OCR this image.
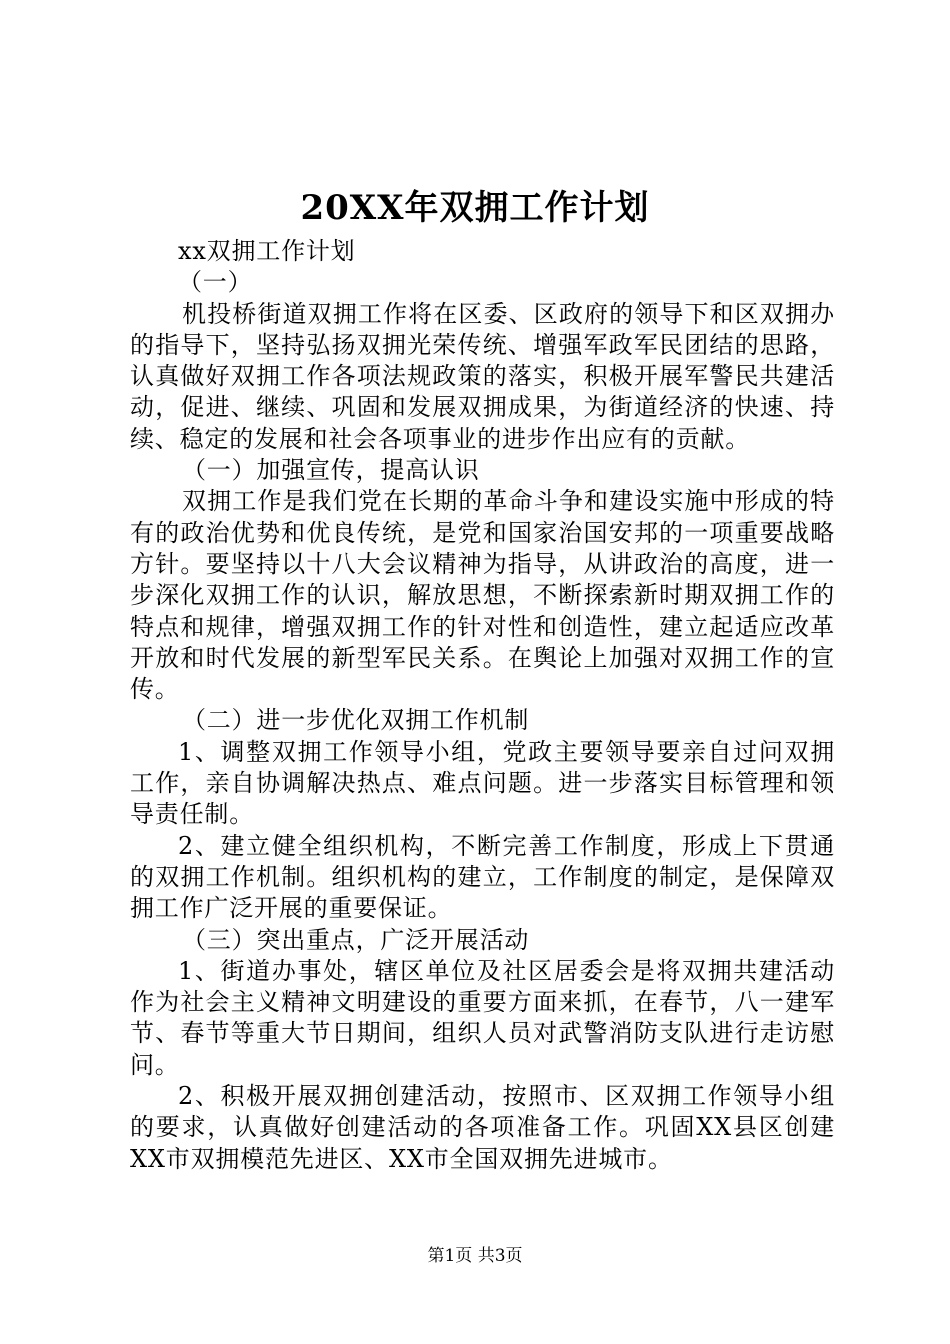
20XX年双拥工作计划

xx双拥工作计划

（一）

机投桥街道双拥工作将在区委、区政府的领导下和区双拥办的指导下，坚持弘扬双拥光荣传统、增强军政军民团结的思路，认真做好双拥工作各项法规政策的落实，积极开展军警民共建活动，促进、继续、巩固和发展双拥成果，为街道经济的快速、持续、稳定的发展和社会各项事业的进步作出应有的贡献。

（一）加强宣传，提高认识

双拥工作是我们党在长期的革命斗争和建设实施中形成的特有的政治优势和优良传统，是党和国家治国安邦的一项重要战略方针。要坚持以十八大会议精神为指导，从讲政治的高度，进一步深化双拥工作的认识，解放思想，不断探索新时期双拥工作的特点和规律，增强双拥工作的针对性和创造性，建立起适应改革开放和时代发展的新型军民关系。在舆论上加强对双拥工作的宣传。

（二）进一步优化双拥工作机制

1、调整双拥工作领导小组，党政主要领导要亲自过问双拥工作，亲自协调解决热点、难点问题。进一步落实目标管理和领导责任制。

2、建立健全组织机构，不断完善工作制度，形成上下贯通的双拥工作机制。组织机构的建立，工作制度的制定，是保障双拥工作广泛开展的重要保证。

（三）突出重点，广泛开展活动

1、街道办事处，辖区单位及社区居委会是将双拥共建活动作为社会主义精神文明建设的重要方面来抓，在春节，八一建军节、春节等重大节日期间，组织人员对武警消防支队进行走访慰问。

2、积极开展双拥创建活动，按照市、区双拥工作领导小组的要求，认真做好创建活动的各项准备工作。巩固XX县区创建XX市双拥模范先进区、XX市全国双拥先进城市。

第1页 共3页
